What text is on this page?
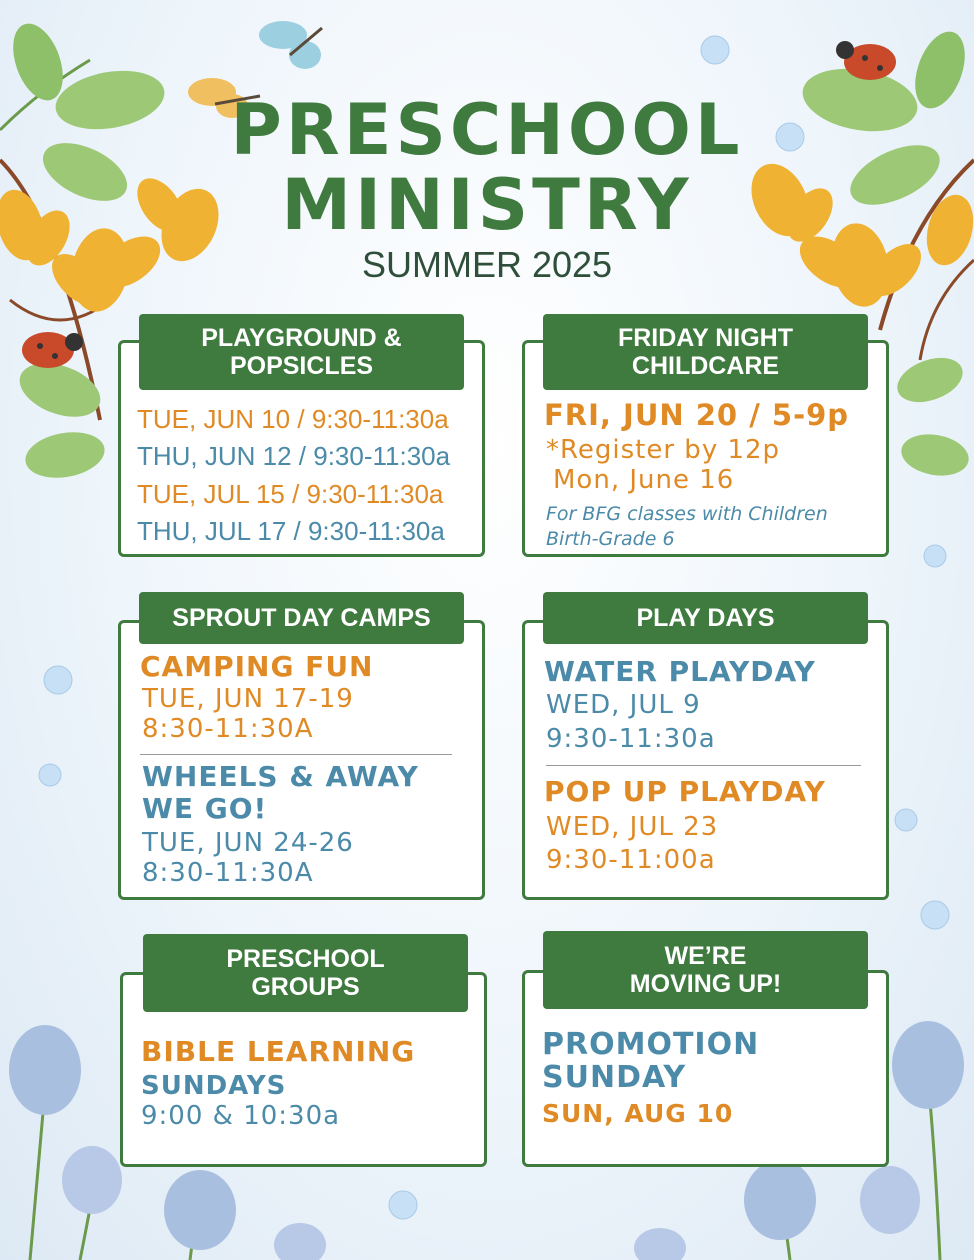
PRESCHOOL
MINISTRY
SUMMER 2025
PLAYGROUND &
POPSICLES
TUE, JUN 10 / 9:30-11:30a
THU, JUN 12 / 9:30-11:30a
TUE, JUL 15 / 9:30-11:30a
THU, JUL 17 / 9:30-11:30a
FRIDAY NIGHT
CHILDCARE
FRI, JUN 20 / 5-9p
*Register by 12p
Mon, June 16
For BFG classes with Children
Birth-Grade 6
SPROUT DAY CAMPS
CAMPING FUN
TUE, JUN 17-19
8:30-11:30A
WHEELS & AWAY
WE GO!
TUE, JUN 24-26
8:30-11:30A
PLAY DAYS
WATER PLAYDAY
WED, JUL 9
9:30-11:30a
POP UP PLAYDAY
WED, JUL 23
9:30-11:00a
PRESCHOOL
GROUPS
BIBLE LEARNING
SUNDAYS
9:00 & 10:30a
WE’RE
MOVING UP!
PROMOTION
SUNDAY
SUN, AUG 10
